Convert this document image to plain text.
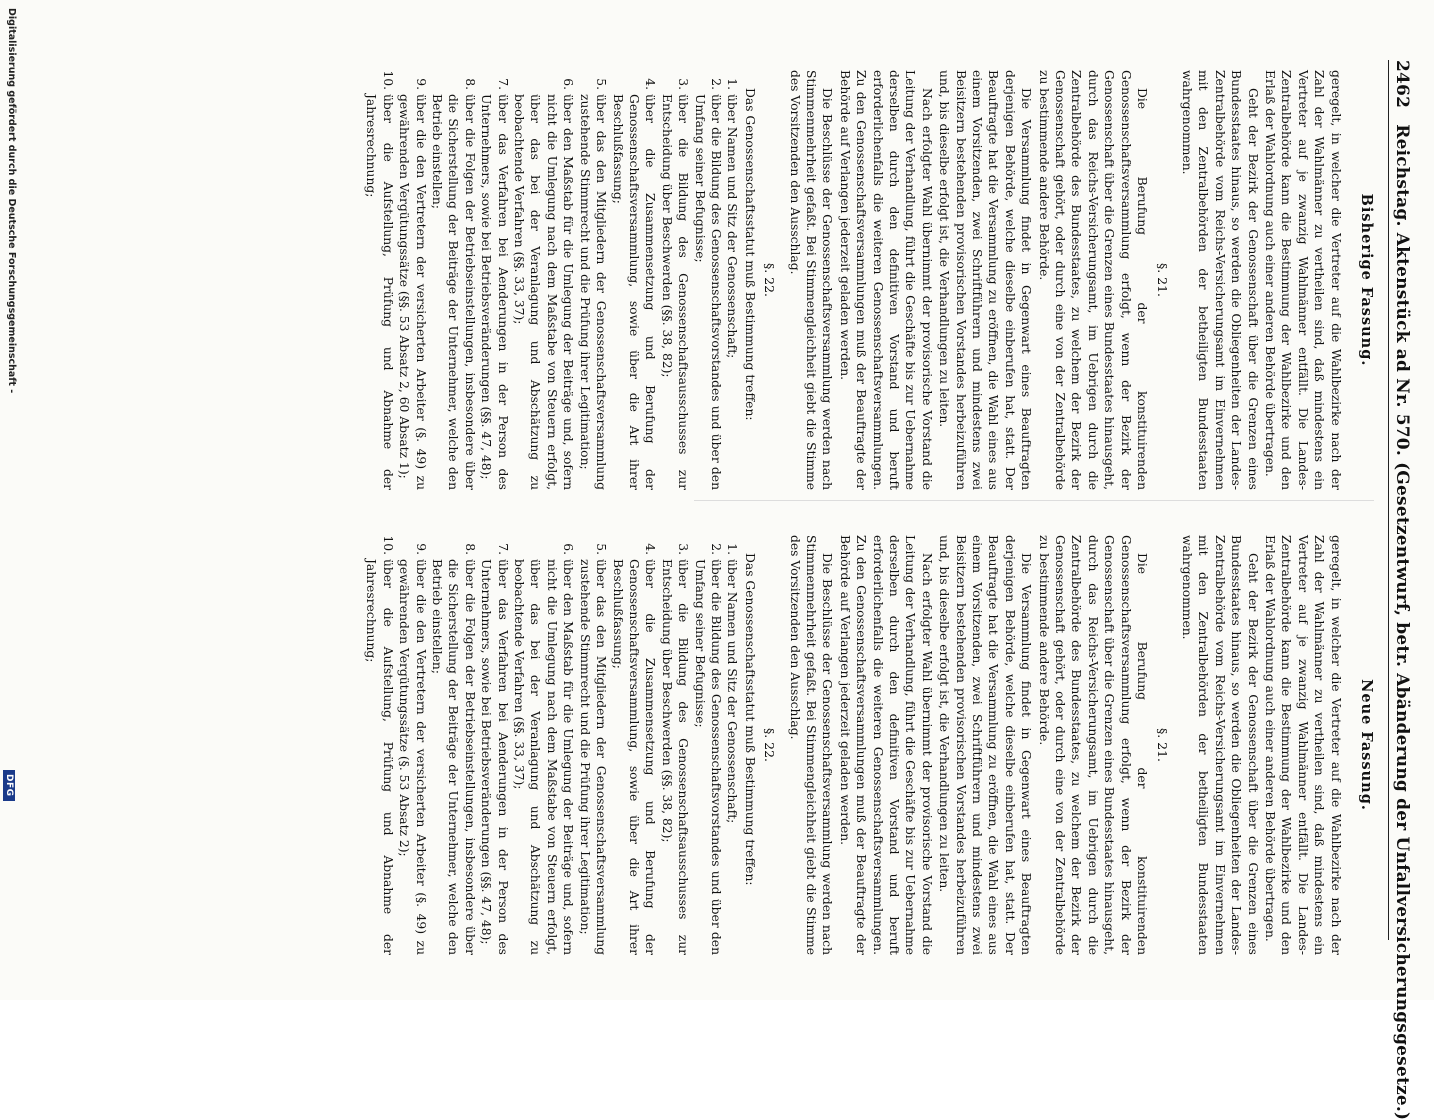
2462 Reichstag. Aktenstück ad Nr. 570. (Gesetzentwurf, betr. Abänderung der Unfallversicherungsgesetze.)
Bisherige Fassung.

geregelt, in welcher die Vertreter auf die Wahlbezirke nach der Zahl der Wahlmänner zu vertheilen sind, daß mindestens ein Vertreter auf je zwanzig Wahlmänner entfällt. Die Landes-Zentralbehörde kann die Bestimmung der Wahlbezirke und den Erlaß der Wahlordnung auch einer anderen Behörde übertragen.

Geht der Bezirk der Genossenschaft über die Grenzen eines Bundesstaates hinaus, so werden die Obliegenheiten der Landes-Zentralbehörde vom Reichs-Versicherungsamt im Einvernehmen mit den Zentralbehörden der betheiligten Bundesstaaten wahrgenommen.

§. 21.

Die Berufung der konstituirenden Genossenschaftsversammlung erfolgt, wenn der Bezirk der Genossenschaft über die Grenzen eines Bundesstaates hinausgeht, durch das Reichs-Versicherungsamt, im Uebrigen durch die Zentralbehörde des Bundesstaates, zu welchem der Bezirk der Genossenschaft gehört, oder durch eine von der Zentralbehörde zu bestimmende andere Behörde.

Die Versammlung findet in Gegenwart eines Beauftragten derjenigen Behörde, welche dieselbe einberufen hat, statt. Der Beauftragte hat die Versammlung zu eröffnen, die Wahl eines aus einem Vorsitzenden, zwei Schriftführern und mindestens zwei Beisitzern bestehenden provisorischen Vorstandes herbeizuführen und, bis dieselbe erfolgt ist, die Verhandlungen zu leiten.

Nach erfolgter Wahl übernimmt der provisorische Vorstand die Leitung der Verhandlung, führt die Geschäfte bis zur Uebernahme derselben durch den definitiven Vorstand und beruft erforderlichenfalls die weiteren Genossenschaftsversammlungen. Zu den Genossenschaftsversammlungen muß der Beauftragte der Behörde auf Verlangen jederzeit geladen werden.

Die Beschlüsse der Genossenschaftsversammlung werden nach Stimmenmehrheit gefaßt. Bei Stimmengleichheit giebt die Stimme des Vorsitzenden den Ausschlag.

§. 22.

Das Genossenschaftsstatut muß Bestimmung treffen:

1.
über Namen und Sitz der Genossenschaft;
2.
über die Bildung des Genossenschaftsvorstandes und über den Umfang seiner Befugnisse;
3.
über die Bildung des Genossenschaftsausschusses zur Entscheidung über Beschwerden (§§. 38, 82);
4.
über die Zusammensetzung und Berufung der Genossenschaftsversammlung, sowie über die Art ihrer Beschlußfassung;
5.
über das den Mitgliedern der Genossenschaftsversammlung zustehende Stimmrecht und die Prüfung ihrer Legitimation;
6.
über den Maßstab für die Umlegung der Beiträge und, sofern nicht die Umlegung nach dem Maßstabe von Steuern erfolgt, über das bei der Veranlagung und Abschätzung zu beobachtende Verfahren (§§. 33, 37);
7.
über das Verfahren bei Aenderungen in der Person des Unternehmers, sowie bei Betriebsveränderungen (§§. 47, 48);
8.
über die Folgen der Betriebseinstellungen, insbesondere über die Sicherstellung der Beiträge der Unternehmer, welche den Betrieb einstellen;
9.
über die den Vertretern der versicherten Arbeiter (§. 49) zu gewährenden Vergütungssätze (§§. 53 Absatz 2, 60 Absatz 1);
10.
über die Aufstellung, Prüfung und Abnahme der Jahresrechnung;
Neue Fassung.

geregelt, in welcher die Vertreter auf die Wahlbezirke nach der Zahl der Wahlmänner zu vertheilen sind, daß mindestens ein Vertreter auf je zwanzig Wahlmänner entfällt. Die Landes-Zentralbehörde kann die Bestimmung der Wahlbezirke und den Erlaß der Wahlordnung auch einer anderen Behörde übertragen.

Geht der Bezirk der Genossenschaft über die Grenzen eines Bundesstaates hinaus, so werden die Obliegenheiten der Landes-Zentralbehörde vom Reichs-Versicherungsamt im Einvernehmen mit den Zentralbehörden der betheiligten Bundesstaaten wahrgenommen.

§. 21.

Die Berufung der konstituirenden Genossenschaftsversammlung erfolgt, wenn der Bezirk der Genossenschaft über die Grenzen eines Bundesstaates hinausgeht, durch das Reichs-Versicherungsamt, im Uebrigen durch die Zentralbehörde des Bundesstaates, zu welchem der Bezirk der Genossenschaft gehört, oder durch eine von der Zentralbehörde zu bestimmende andere Behörde.

Die Versammlung findet in Gegenwart eines Beauftragten derjenigen Behörde, welche dieselbe einberufen hat, statt. Der Beauftragte hat die Versammlung zu eröffnen, die Wahl eines aus einem Vorsitzenden, zwei Schriftführern und mindestens zwei Beisitzern bestehenden provisorischen Vorstandes herbeizuführen und, bis dieselbe erfolgt ist, die Verhandlungen zu leiten.

Nach erfolgter Wahl übernimmt der provisorische Vorstand die Leitung der Verhandlung, führt die Geschäfte bis zur Uebernahme derselben durch den definitiven Vorstand und beruft erforderlichenfalls die weiteren Genossenschaftsversammlungen. Zu den Genossenschaftsversammlungen muß der Beauftragte der Behörde auf Verlangen jederzeit geladen werden.

Die Beschlüsse der Genossenschaftsversammlung werden nach Stimmenmehrheit gefaßt. Bei Stimmengleichheit giebt die Stimme des Vorsitzenden den Ausschlag.

§. 22.

Das Genossenschaftsstatut muß Bestimmung treffen:

1.
über Namen und Sitz der Genossenschaft;
2.
über die Bildung des Genossenschaftsvorstandes und über den Umfang seiner Befugnisse;
3.
über die Bildung des Genossenschaftsausschusses zur Entscheidung über Beschwerden (§§. 38, 82);
4.
über die Zusammensetzung und Berufung der Genossenschaftsversammlung, sowie über die Art ihrer Beschlußfassung;
5.
über das den Mitgliedern der Genossenschaftsversammlung zustehende Stimmrecht und die Prüfung ihrer Legitimation;
6.
über den Maßstab für die Umlegung der Beiträge und, sofern nicht die Umlegung nach dem Maßstabe von Steuern erfolgt, über das bei der Veranlagung und Abschätzung zu beobachtende Verfahren (§§. 33, 37);
7.
über das Verfahren bei Aenderungen in der Person des Unternehmers, sowie bei Betriebsveränderungen (§§. 47, 48);
8.
über die Folgen der Betriebseinstellungen, insbesondere über die Sicherstellung der Beiträge der Unternehmer, welche den Betrieb einstellen;
9.
über die den Vertretern der versicherten Arbeiter (§. 49) zu gewährenden Vergütungssätze (§. 53 Absatz 2);
10.
über die Aufstellung, Prüfung und Abnahme der Jahresrechnung;
Digitalisierung gefördert durch die Deutsche Forschungsgemeinschaft -
DFG
